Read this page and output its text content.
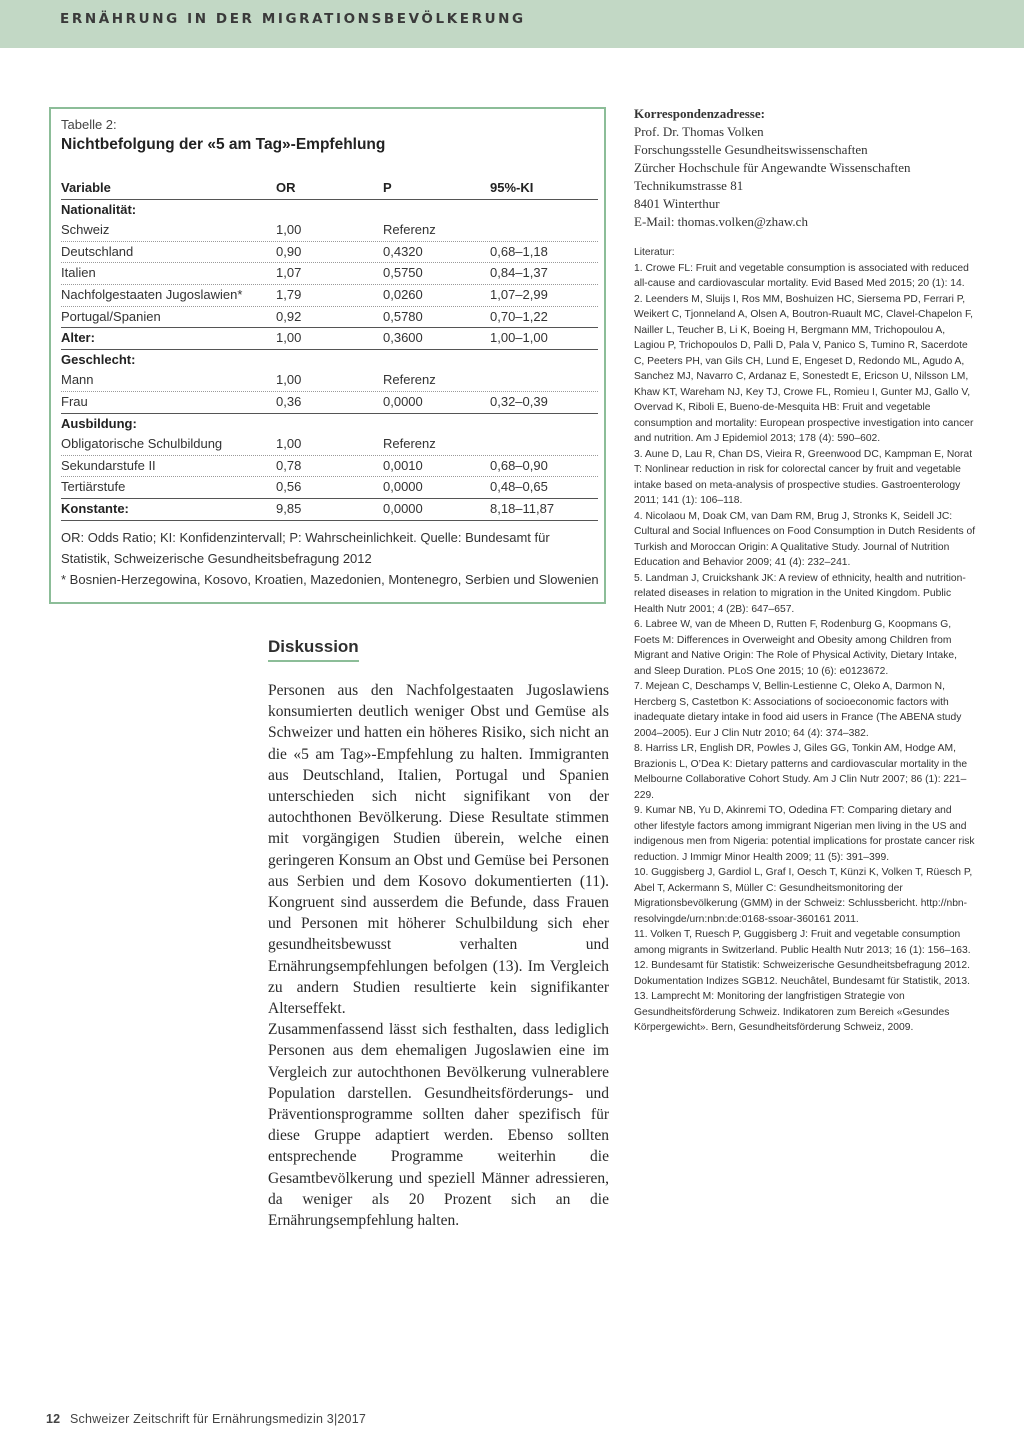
ERNÄHRUNG IN DER MIGRATIONSBEVÖLKERUNG
Tabelle 2:
Nichtbefolgung der «5 am Tag»-Empfehlung
Variable	OR	P	95%-KI
Nationalität:
Schweiz	1,00	Referenz
Deutschland	0,90	0,4320	0,68–1,18
Italien	1,07	0,5750	0,84–1,37
Nachfolgestaaten Jugoslawien*	1,79	0,0260	1,07–2,99
Portugal/Spanien	0,92	0,5780	0,70–1,22
Alter:	1,00	0,3600	1,00–1,00
Geschlecht:
Mann	1,00	Referenz
Frau	0,36	0,0000	0,32–0,39
Ausbildung:
Obligatorische Schulbildung	1,00	Referenz
Sekundarstufe II	0,78	0,0010	0,68–0,90
Tertiärstufe	0,56	0,0000	0,48–0,65
Konstante:	9,85	0,0000	8,18–11,87
OR: Odds Ratio; KI: Konfidenzintervall; P: Wahrscheinlichkeit. Quelle: Bundesamt für Statistik, Schweizerische Gesundheitsbefragung 2012
* Bosnien-Herzegowina, Kosovo, Kroatien, Mazedonien, Montenegro, Serbien und Slowenien
Diskussion

Personen aus den Nachfolgestaaten Jugoslawiens konsumierten deutlich weniger Obst und Gemüse als Schweizer und hatten ein höheres Risiko, sich nicht an die «5 am Tag»-Empfehlung zu halten. Immigranten aus Deutschland, Italien, Portugal und Spanien unterschieden sich nicht signifikant von der autochthonen Bevölkerung. Diese Resultate stimmen mit vorgängigen Studien überein, welche einen geringeren Konsum an Obst und Gemüse bei Personen aus Serbien und dem Kosovo dokumentierten (11). Kongruent sind ausserdem die Befunde, dass Frauen und Personen mit höherer Schulbildung sich eher gesundheitsbewusst verhalten und Ernährungsempfehlungen befolgen (13). Im Vergleich zu andern Studien resultierte kein signifikanter Alterseffekt.

Zusammenfassend lässt sich festhalten, dass lediglich Personen aus dem ehemaligen Jugoslawien eine im Vergleich zur autochthonen Bevölkerung vulnerablere Population darstellen. Gesundheitsförderungs- und Präventionsprogramme sollten daher spezifisch für diese Gruppe adaptiert werden. Ebenso sollten entsprechende Programme weiterhin die Gesamtbevölkerung und speziell Männer adressieren, da weniger als 20 Prozent sich an die Ernährungsempfehlung halten.

Korrespondenzadresse:
Prof. Dr. Thomas Volken
Forschungsstelle Gesundheitswissenschaften
Zürcher Hochschule für Angewandte Wissenschaften
Technikumstrasse 81
8401 Winterthur
E-Mail: thomas.volken@zhaw.ch
Literatur:
1. Crowe FL: Fruit and vegetable consumption is associated with reduced all-cause and cardiovascular mortality. Evid Based Med 2015; 20 (1): 14.
2. Leenders M, Sluijs I, Ros MM, Boshuizen HC, Siersema PD, Ferrari P, Weikert C, Tjonneland A, Olsen A, Boutron-Ruault MC, Clavel-Chapelon F, Nailler L, Teucher B, Li K, Boeing H, Bergmann MM, Trichopoulou A, Lagiou P, Trichopoulos D, Palli D, Pala V, Panico S, Tumino R, Sacerdote C, Peeters PH, van Gils CH, Lund E, Engeset D, Redondo ML, Agudo A, Sanchez MJ, Navarro C, Ardanaz E, Sonestedt E, Ericson U, Nilsson LM, Khaw KT, Wareham NJ, Key TJ, Crowe FL, Romieu I, Gunter MJ, Gallo V, Overvad K, Riboli E, Bueno-de-Mesquita HB: Fruit and vegetable consumption and mortality: European prospective investigation into cancer and nutrition. Am J Epidemiol 2013; 178 (4): 590–602.
3. Aune D, Lau R, Chan DS, Vieira R, Greenwood DC, Kampman E, Norat T: Nonlinear reduction in risk for colorectal cancer by fruit and vegetable intake based on meta-analysis of prospective studies. Gastroenterology 2011; 141 (1): 106–118.
4. Nicolaou M, Doak CM, van Dam RM, Brug J, Stronks K, Seidell JC: Cultural and Social Influences on Food Consumption in Dutch Residents of Turkish and Moroccan Origin: A Qualitative Study. Journal of Nutrition Education and Behavior 2009; 41 (4): 232–241.
5. Landman J, Cruickshank JK: A review of ethnicity, health and nutrition-related diseases in relation to migration in the United Kingdom. Public Health Nutr 2001; 4 (2B): 647–657.
6. Labree W, van de Mheen D, Rutten F, Rodenburg G, Koopmans G, Foets M: Differences in Overweight and Obesity among Children from Migrant and Native Origin: The Role of Physical Activity, Dietary Intake, and Sleep Duration. PLoS One 2015; 10 (6): e0123672.
7. Mejean C, Deschamps V, Bellin-Lestienne C, Oleko A, Darmon N, Hercberg S, Castetbon K: Associations of socioeconomic factors with inadequate dietary intake in food aid users in France (The ABENA study 2004–2005). Eur J Clin Nutr 2010; 64 (4): 374–382.
8. Harriss LR, English DR, Powles J, Giles GG, Tonkin AM, Hodge AM, Brazionis L, O’Dea K: Dietary patterns and cardiovascular mortality in the Melbourne Collaborative Cohort Study. Am J Clin Nutr 2007; 86 (1): 221–229.
9. Kumar NB, Yu D, Akinremi TO, Odedina FT: Comparing dietary and other lifestyle factors among immigrant Nigerian men living in the US and indigenous men from Nigeria: potential implications for prostate cancer risk reduction. J Immigr Minor Health 2009; 11 (5): 391–399.
10. Guggisberg J, Gardiol L, Graf I, Oesch T, Künzi K, Volken T, Rüesch P, Abel T, Ackermann S, Müller C: Gesundheitsmonitoring der Migrationsbevölkerung (GMM) in der Schweiz: Schlussbericht. http://nbn-resolvingde/urn:nbn:de:0168-ssoar-360161 2011.
11. Volken T, Ruesch P, Guggisberg J: Fruit and vegetable consumption among migrants in Switzerland. Public Health Nutr 2013; 16 (1): 156–163.
12. Bundesamt für Statistik: Schweizerische Gesundheitsbefragung 2012. Dokumentation Indizes SGB12. Neuchâtel, Bundesamt für Statistik, 2013.
13. Lamprecht M: Monitoring der langfristigen Strategie von Gesundheitsförderung Schweiz. Indikatoren zum Bereich «Gesundes Körpergewicht». Bern, Gesundheitsförderung Schweiz, 2009.
12 Schweizer Zeitschrift für Ernährungsmedizin 3|2017
